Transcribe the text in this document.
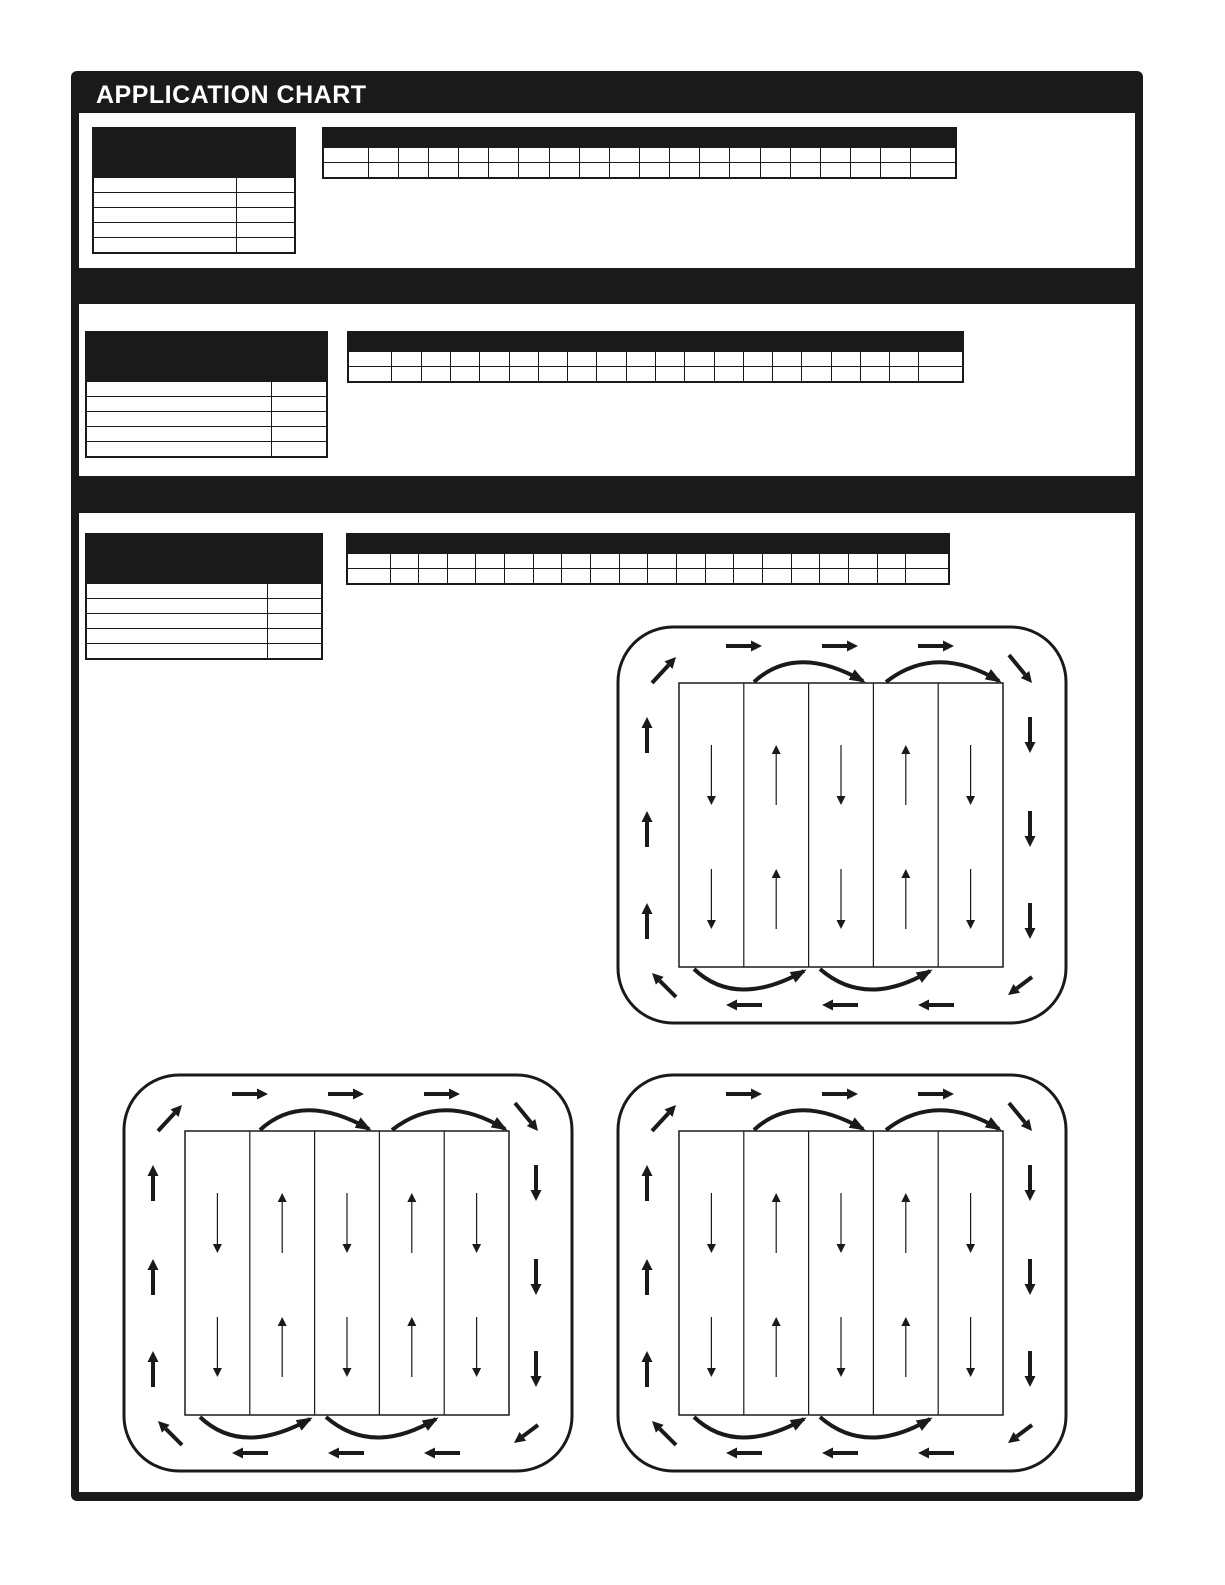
APPLICATION CHART
